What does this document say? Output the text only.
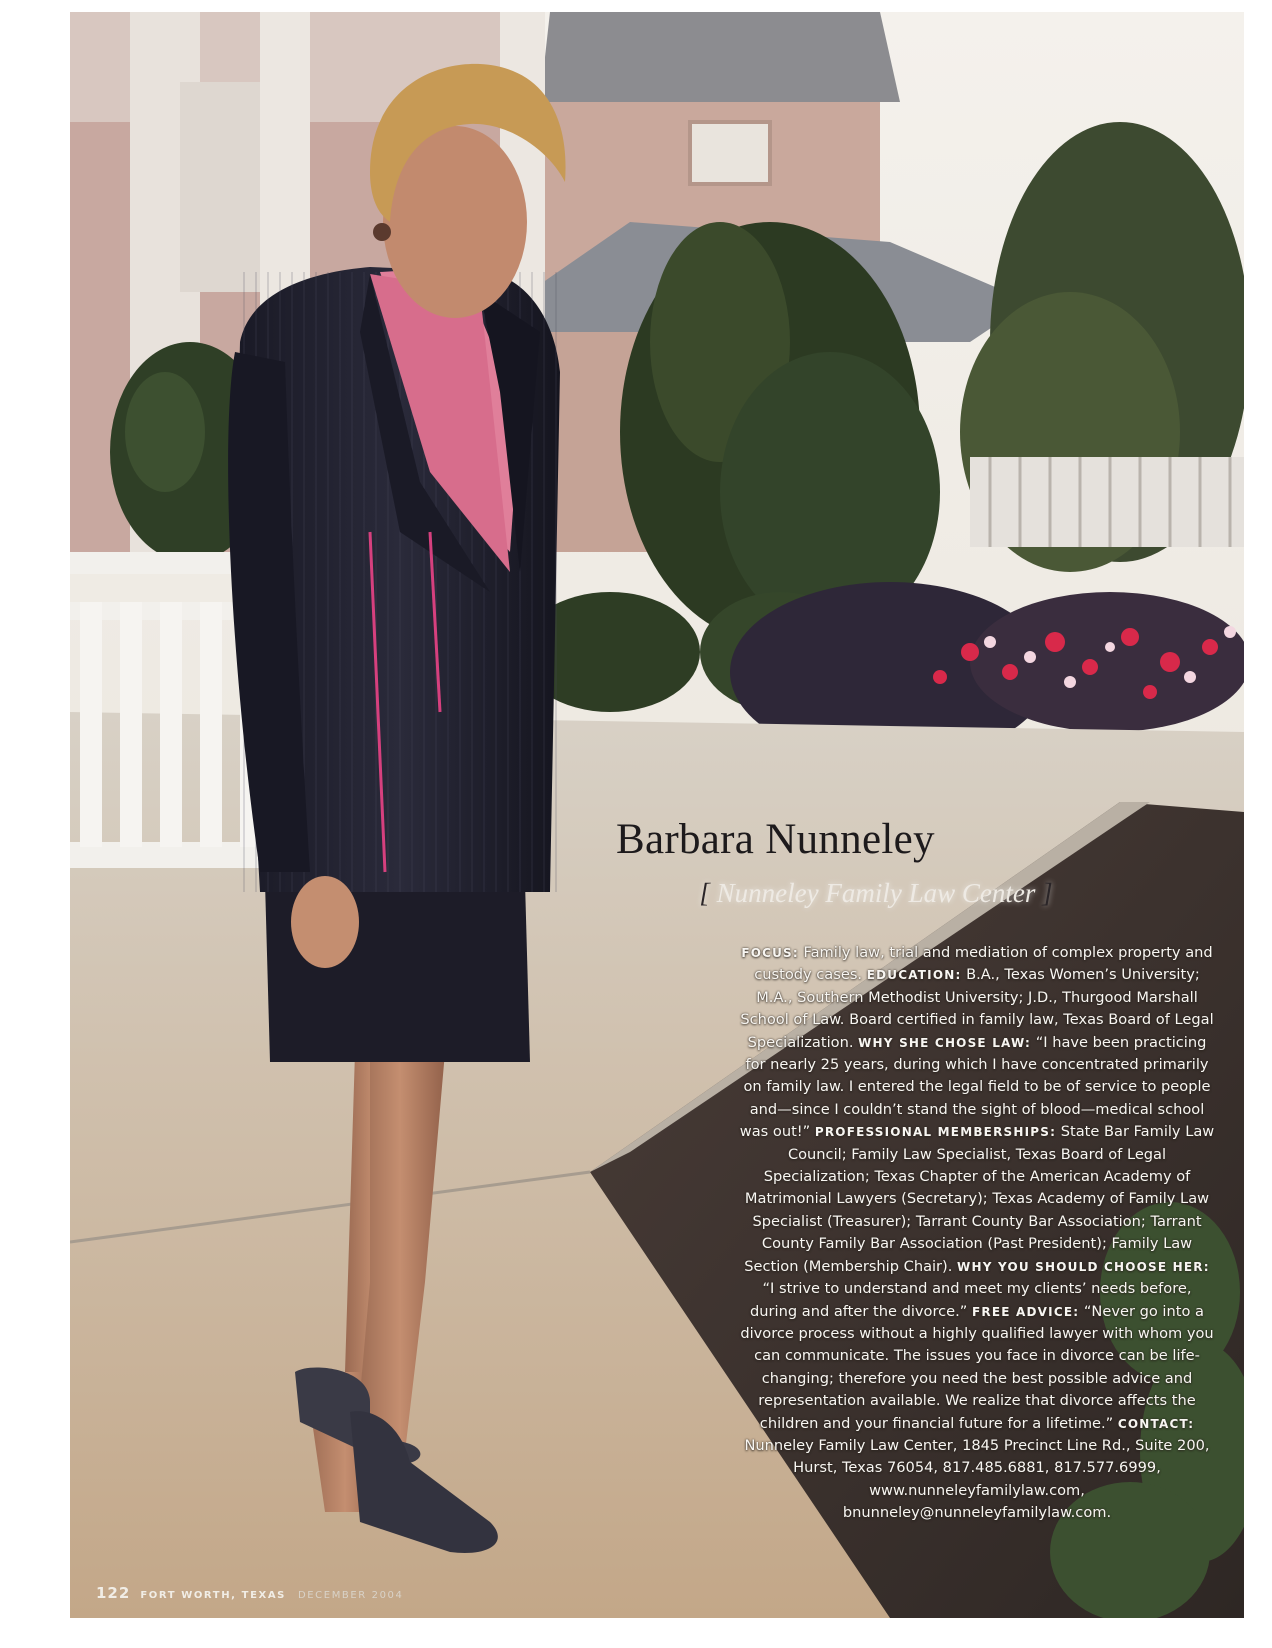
Barbara Nunneley
[ Nunneley Family Law Center ]
FOCUS: Family law, trial and mediation of complex property and custody cases. EDUCATION: B.A., Texas Women’s University; M.A., Southern Methodist University; J.D., Thurgood Marshall School of Law. Board certified in family law, Texas Board of Legal Specialization. WHY SHE CHOSE LAW: “I have been practicing for nearly 25 years, during which I have concentrated primarily on family law. I entered the legal field to be of service to people and—since I couldn’t stand the sight of blood—medical school was out!” PROFESSIONAL MEMBERSHIPS: State Bar Family Law Council; Family Law Specialist, Texas Board of Legal Specialization; Texas Chapter of the American Academy of Matrimonial Lawyers (Secretary); Texas Academy of Family Law Specialist (Treasurer); Tarrant County Bar Association; Tarrant County Family Bar Association (Past President); Family Law Section (Membership Chair). WHY YOU SHOULD CHOOSE HER: “I strive to understand and meet my clients’ needs before, during and after the divorce.” FREE ADVICE: “Never go into a divorce process without a highly qualified lawyer with whom you can communicate. The issues you face in divorce can be life-changing; therefore you need the best possible advice and representation available. We realize that divorce affects the children and your financial future for a lifetime.” CONTACT: Nunneley Family Law Center, 1845 Precinct Line Rd., Suite 200, Hurst, Texas 76054, 817.485.6881, 817.577.6999, www.nunneleyfamilylaw.com, bnunneley@nunneleyfamilylaw.com.
122 FORT WORTH, TEXAS DECEMBER 2004
